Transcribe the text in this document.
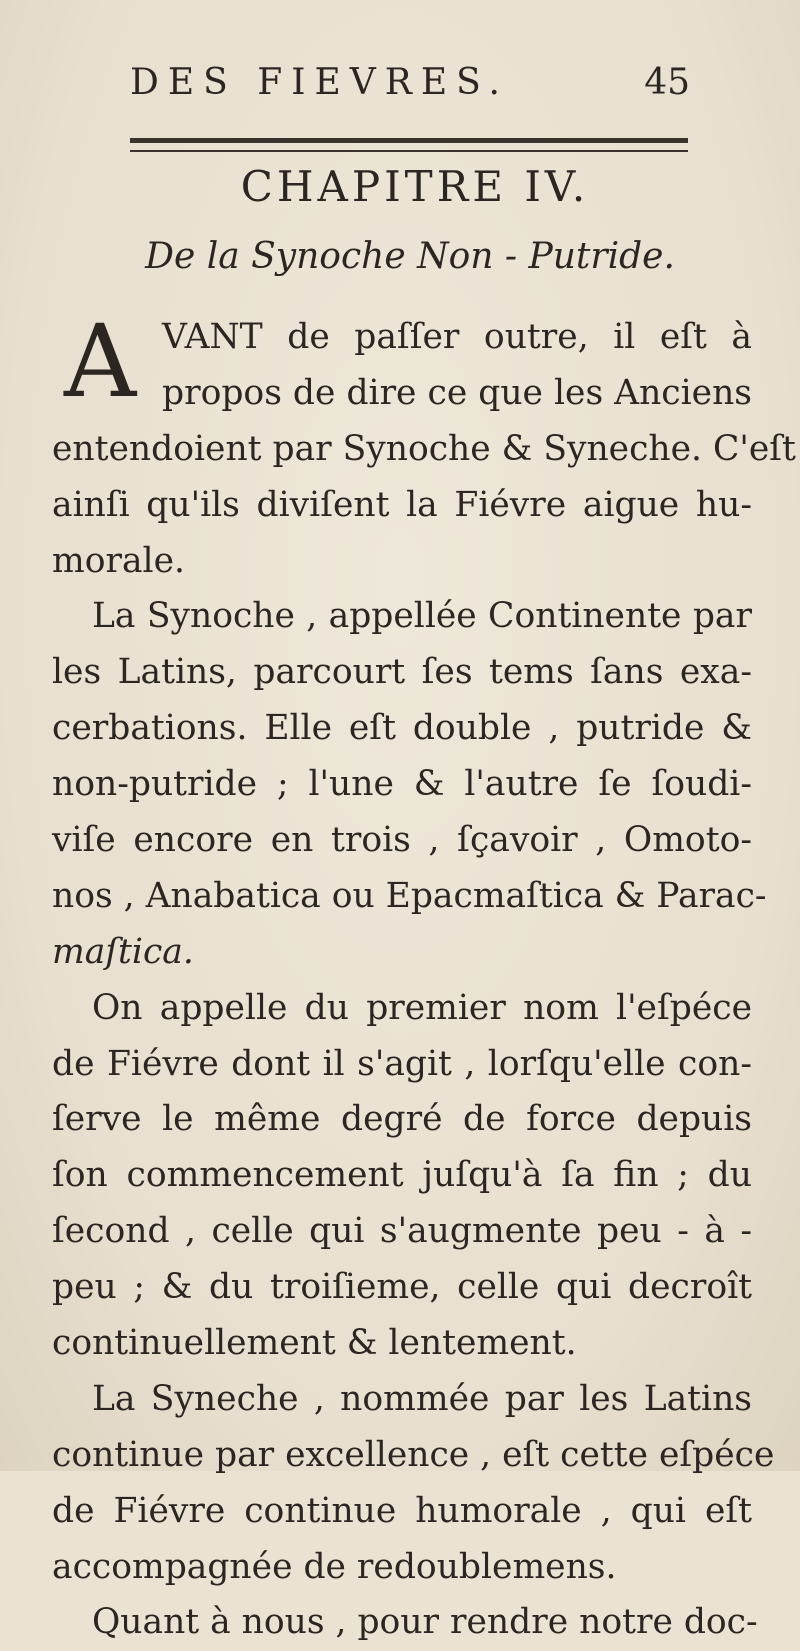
DES FIEVRES.	45
CHAPITRE IV.
De la Synoche Non - Putride.
A VANT de paſſer outre, il eſt à
propos de dire ce que les Anciens
entendoient par Synoche & Syneche. C'eſt
ainſi qu'ils diviſent la Fiévre aigue hu-
morale.
La Synoche , appellée Continente par
les Latins, parcourt ſes tems ſans exa-
cerbations. Elle eſt double , putride &
non-putride ; l'une & l'autre ſe ſoudi-
viſe encore en trois , ſçavoir , Omoto-
nos , Anabatica ou Epacmaſtica & Parac-
maſtica.
On appelle du premier nom l'eſpéce
de Fiévre dont il s'agit , lorſqu'elle con-
ſerve le même degré de force depuis
ſon commencement juſqu'à ſa fin ; du
ſecond , celle qui s'augmente peu - à -
peu ; & du troiſieme, celle qui decroît
continuellement & lentement.
La Syneche , nommée par les Latins
continue par excellence , eſt cette eſpéce
de Fiévre continue humorale , qui eſt
accompagnée de redoublemens.
Quant à nous , pour rendre notre doc-
